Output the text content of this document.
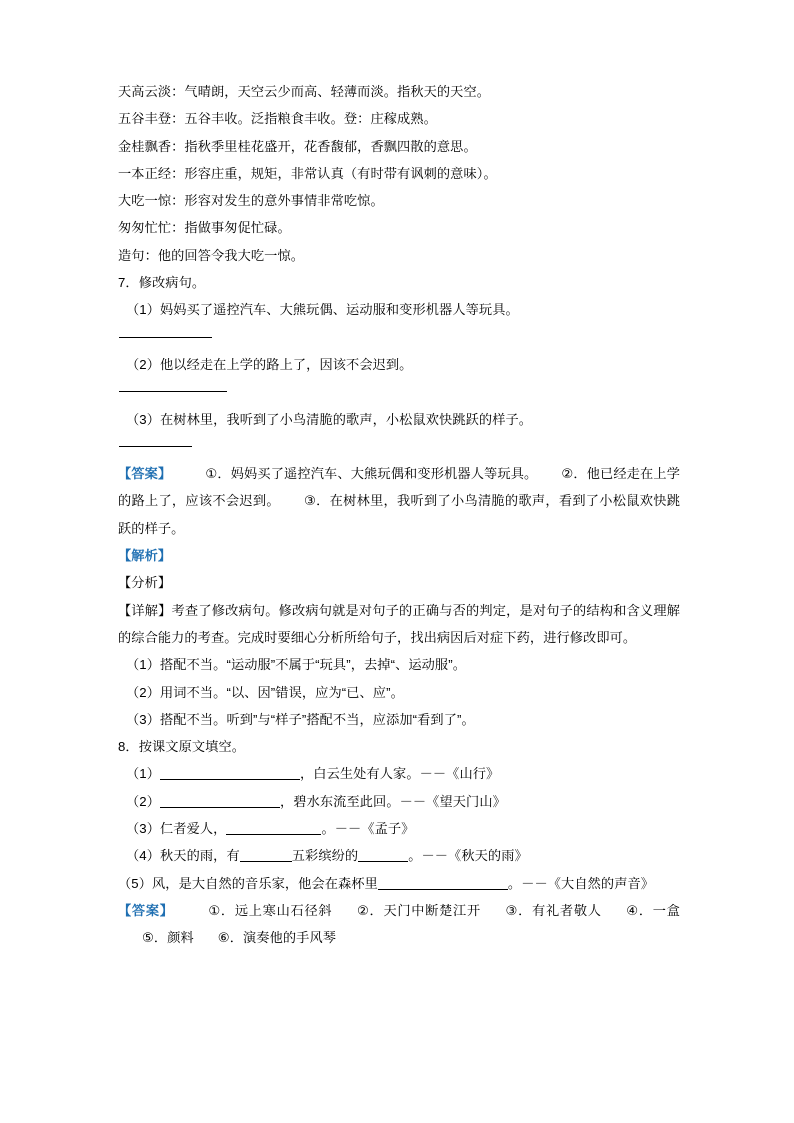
天高云淡：气晴朗，天空云少而高、轻薄而淡。指秋天的天空。
五谷丰登：五谷丰收。泛指粮食丰收。登：庄稼成熟。
金桂飘香：指秋季里桂花盛开，花香馥郁，香飘四散的意思。
一本正经：形容庄重，规矩，非常认真（有时带有讽刺的意味）。
大吃一惊：形容对发生的意外事情非常吃惊。
匆匆忙忙：指做事匆促忙碌。
造句：他的回答令我大吃一惊。
7．修改病句。
（1）妈妈买了遥控汽车、大熊玩偶、运动服和变形机器人等玩具。
（2）他以经走在上学的路上了，因该不会迟到。
（3）在树林里，我听到了小鸟清脆的歌声，小松鼠欢快跳跃的样子。
【答案】	①．妈妈买了遥控汽车、大熊玩偶和变形机器人等玩具。 ②．他已经走在上学的路上了，应该不会迟到。 ③．在树林里，我听到了小鸟清脆的歌声，看到了小松鼠欢快跳跃的样子。
【解析】
【分析】
【详解】考查了修改病句。修改病句就是对句子的正确与否的判定，是对句子的结构和含义理解的综合能力的考查。完成时要细心分析所给句子，找出病因后对症下药，进行修改即可。
（1）搭配不当。“运动服”不属于“玩具”，去掉“、运动服”。
（2）用词不当。“以、因”错误，应为“已、应”。
（3）搭配不当。听到”与“样子”搭配不当，应添加“看到了”。
8．按课文原文填空。
（1）	，白云生处有人家。－－《山行》
（2）	，碧水东流至此回。－－《望天门山》
（3）仁者爱人，	。－－《孟子》
（4）秋天的雨，有	五彩缤纷的	。－－《秋天的雨》
（5）风，是大自然的音乐家，他会在森杯里	。－－《大自然的声音》
【答案】	①．远上寒山石径斜 ②．天门中断楚江开 ③．有礼者敬人 ④．一盒⑤．颜料 ⑥．演奏他的手风琴
